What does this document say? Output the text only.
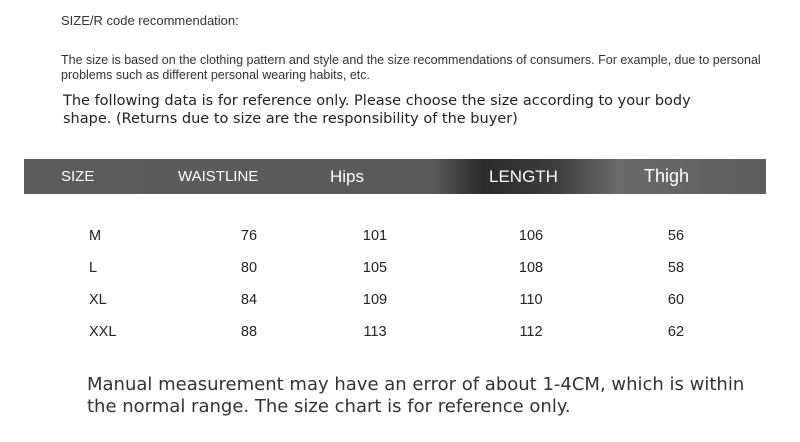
SIZE/R code recommendation:
The size is based on the clothing pattern and style and the size recommendations of consumers. For example, due to personal problems such as different personal wearing habits, etc.
The following data is for reference only. Please choose the size according to your body shape. (Returns due to size are the responsibility of the buyer)
SIZE	WAISTLINE	Hips	LENGTH	Thigh
M	76	101	106	56
L	80	105	108	58
XL	84	109	110	60
XXL	88	113	112	62
Manual measurement may have an error of about 1-4CM, which is within the normal range. The size chart is for reference only.
